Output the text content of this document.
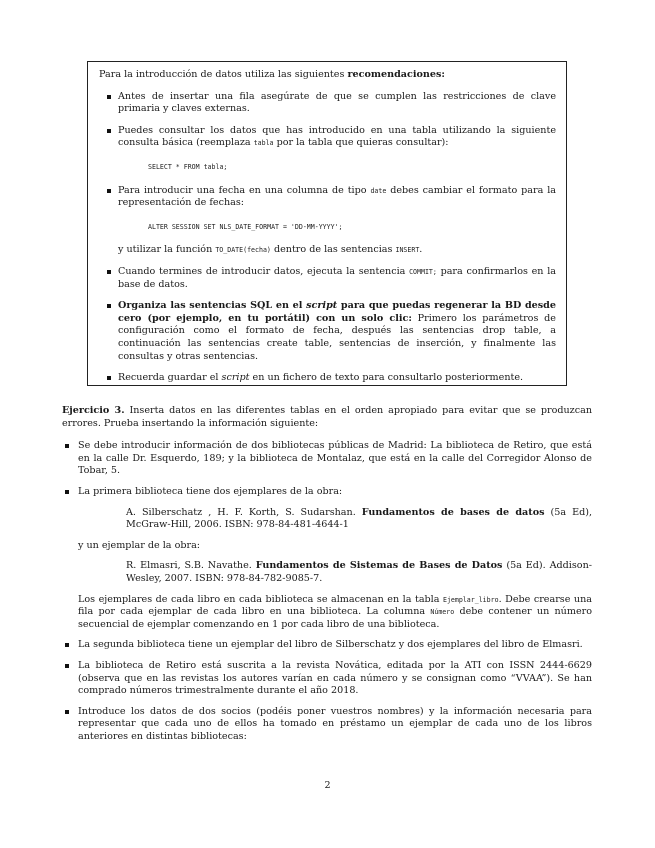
Para la introducción de datos utiliza las siguientes recomendaciones:

Antes de insertar una fila asegúrate de que se cumplen las restricciones de clave primaria y claves externas.
Puedes consultar los datos que has introducido en una tabla utilizando la siguiente consulta básica (reemplaza tabla por la tabla que quieras consultar):
SELECT * FROM tabla;
Para introducir una fecha en una columna de tipo date debes cambiar el formato para la representación de fechas:
ALTER SESSION SET NLS_DATE_FORMAT = 'DD-MM-YYYY';

y utilizar la función TO_DATE(fecha) dentro de las sentencias INSERT.

Cuando termines de introducir datos, ejecuta la sentencia COMMIT; para confirmarlos en la base de datos.
Organiza las sentencias SQL en el script para que puedas regenerar la BD desde cero (por ejemplo, en tu portátil) con un solo clic: Primero los parámetros de configuración como el formato de fecha, después las sentencias drop table, a continuación las sentencias create table, sentencias de inserción, y finalmente las consultas y otras sentencias.
Recuerda guardar el script en un fichero de texto para consultarlo posteriormente.

Ejercicio 3. Inserta datos en las diferentes tablas en el orden apropiado para evitar que se produzcan errores. Prueba insertando la información siguiente:

Se debe introducir información de dos bibliotecas públicas de Madrid: La biblioteca de Retiro, que está en la calle Dr. Esquerdo, 189; y la biblioteca de Montalaz, que está en la calle del Corregidor Alonso de Tobar, 5.
La primera biblioteca tiene dos ejemplares de la obra:
A. Silberschatz , H. F. Korth, S. Sudarshan. Fundamentos de bases de datos (5a Ed), McGraw-Hill, 2006. ISBN: 978-84-481-4644-1
y un ejemplar de la obra:
R. Elmasri, S.B. Navathe. Fundamentos de Sistemas de Bases de Datos (5a Ed). Addison-Wesley, 2007. ISBN: 978-84-782-9085-7.
Los ejemplares de cada libro en cada biblioteca se almacenan en la tabla Ejemplar_libro. Debe crearse una fila por cada ejemplar de cada libro en una biblioteca. La columna Número debe contener un número secuencial de ejemplar comenzando en 1 por cada libro de una biblioteca.
La segunda biblioteca tiene un ejemplar del libro de Silberschatz y dos ejemplares del libro de Elmasri.
La biblioteca de Retiro está suscrita a la revista Novática, editada por la ATI con ISSN 2444-6629 (observa que en las revistas los autores varían en cada número y se consignan como “VVAA”). Se han comprado números trimestralmente durante el año 2018.
Introduce los datos de dos socios (podéis poner vuestros nombres) y la información necesaria para representar que cada uno de ellos ha tomado en préstamo un ejemplar de cada uno de los libros anteriores en distintas bibliotecas:
2
